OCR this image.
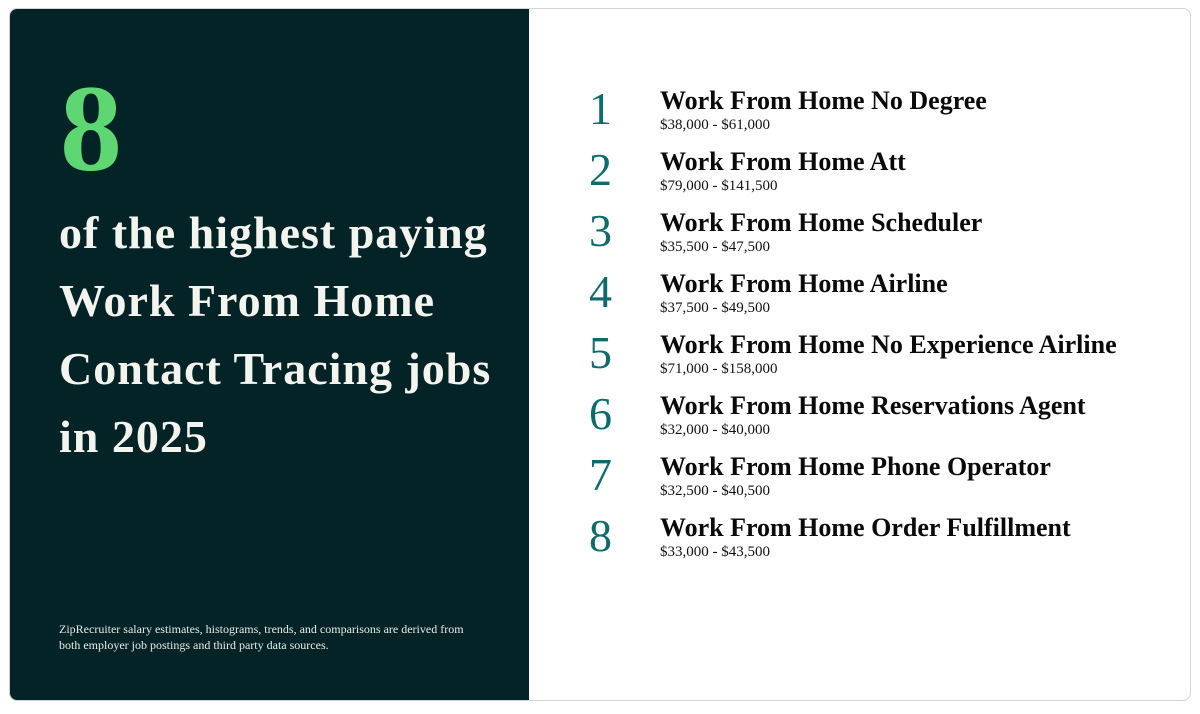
8
of the highest paying Work From Home Contact Tracing jobs in 2025

ZipRecruiter salary estimates, histograms, trends, and comparisons are derived from both employer job postings and third party data sources.

1	Work From Home No Degree
$38,000 - $61,000
2	Work From Home Att
$79,000 - $141,500
3	Work From Home Scheduler
$35,500 - $47,500
4	Work From Home Airline
$37,500 - $49,500
5	Work From Home No Experience Airline
$71,000 - $158,000
6	Work From Home Reservations Agent
$32,000 - $40,000
7	Work From Home Phone Operator
$32,500 - $40,500
8	Work From Home Order Fulfillment
$33,000 - $43,500
